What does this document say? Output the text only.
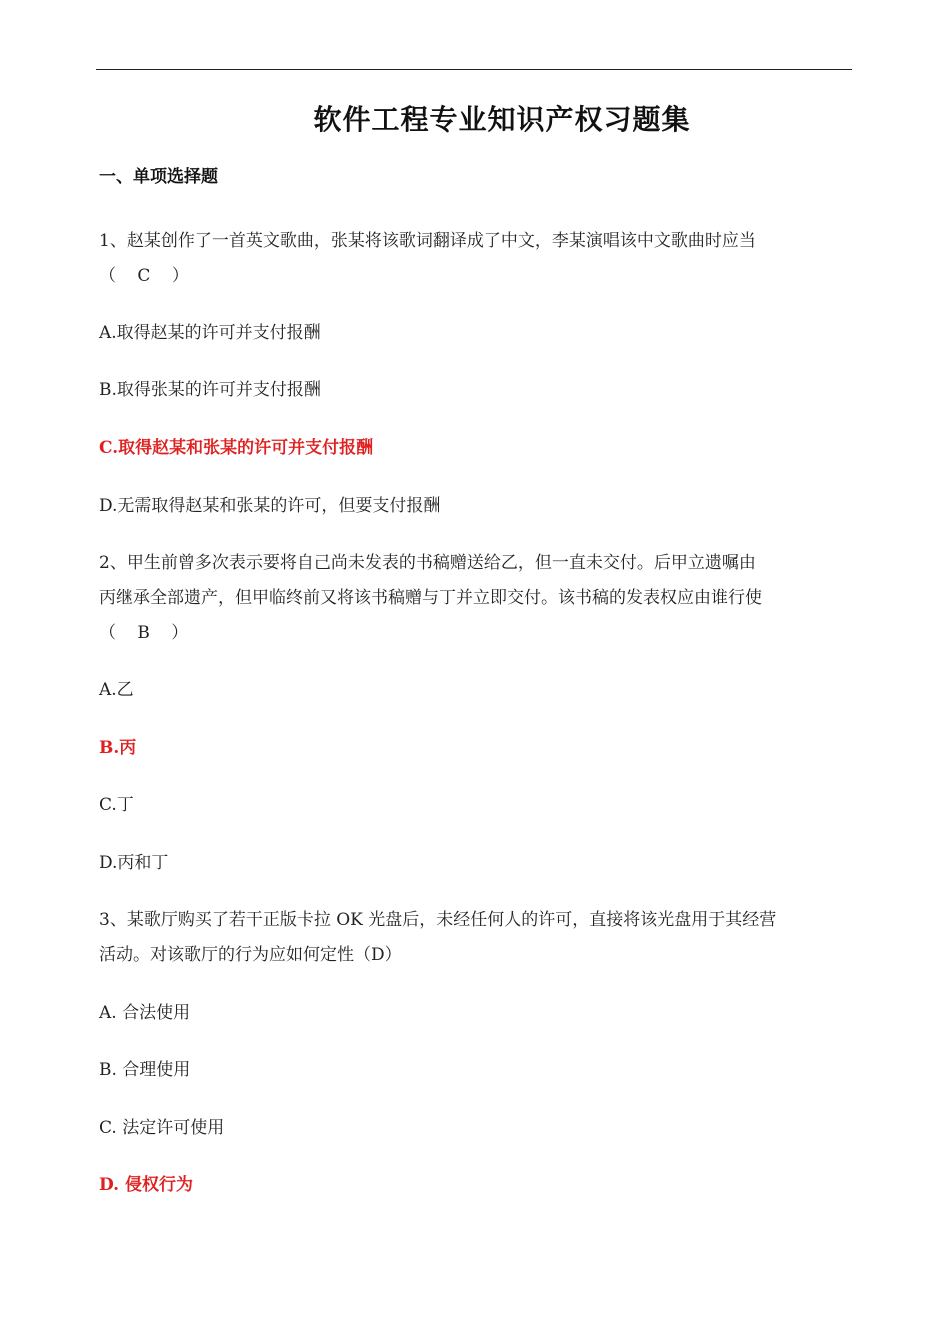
软件工程专业知识产权习题集
一、单项选择题
1、赵某创作了一首英文歌曲，张某将该歌词翻译成了中文，李某演唱该中文歌曲时应当
（ C ）
A.取得赵某的许可并支付报酬
B.取得张某的许可并支付报酬
C.取得赵某和张某的许可并支付报酬
D.无需取得赵某和张某的许可，但要支付报酬
2、甲生前曾多次表示要将自己尚未发表的书稿赠送给乙，但一直未交付。后甲立遗嘱由
丙继承全部遗产，但甲临终前又将该书稿赠与丁并立即交付。该书稿的发表权应由谁行使
（ B ）
A.乙
B.丙
C.丁
D.丙和丁
3、某歌厅购买了若干正版卡拉 OK 光盘后，未经任何人的许可，直接将该光盘用于其经营
活动。对该歌厅的行为应如何定性（D）
A. 合法使用
B. 合理使用
C. 法定许可使用
D. 侵权行为
